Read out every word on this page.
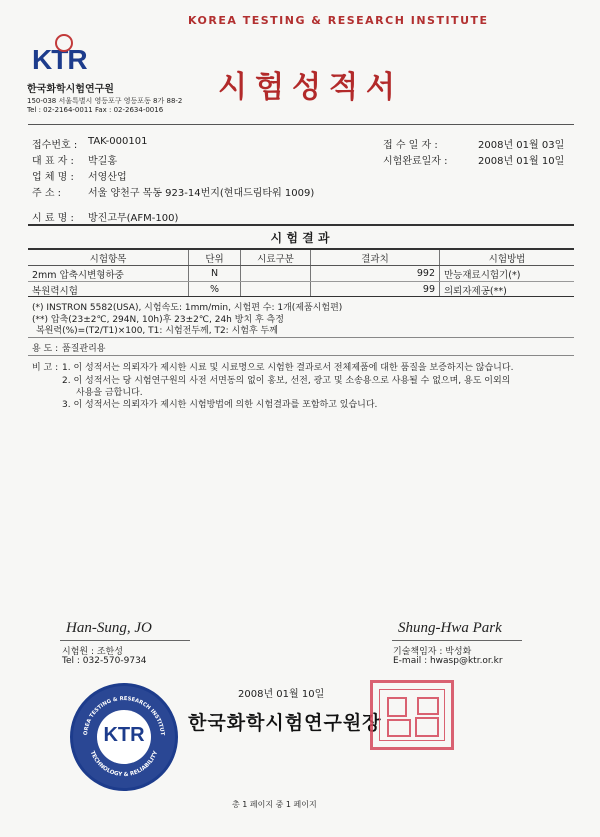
KOREA TESTING & RESEARCH INSTITUTE
시험성적서
KTR
한국화학시험연구원
150-038 서울특별시 영등포구 영등포동 8가 88-2
Tel : 02-2164-0011 Fax : 02-2634-0016
접수번호 : TAK-000101
대 표 자 : 박길홍
업 체 명 : 서영산업
주 소 :	서울 양천구 목동 923-14번지(현대드림타워 1009)
접 수 일 자 :	2008년 01월 03일
시험완료일자 :	2008년 01월 10일
시 료 명 : 방진고무(AFM-100)
시 험 결 과
시험항목	단위	시료구분	결과치	시험방법
2mm 압축시변형하중	N		992	만능재료시험기(*)
복원력시험	%		99	의뢰자제공(**)
(*) INSTRON 5582(USA), 시험속도: 1mm/min, 시험편 수: 1개(제품시험편)
(**) 압축(23±2℃, 294N, 10h)후 23±2℃, 24h 방치 후 측정
복원력(%)=(T2/T1)×100, T1: 시험전두께, T2: 시험후 두께
용 도 : 품질관리용
비 고 : 1. 이 성적서는 의뢰자가 제시한 시료 및 시료명으로 시험한 결과로서 전체제품에 대한 품질을 보증하지는 않습니다.
2. 이 성적서는 당 시험연구원의 사전 서면동의 없이 홍보, 선전, 광고 및 소송용으로 사용될 수 없으며, 용도 이외의
사용을 금합니다.
3. 이 성적서는 의뢰자가 제시한 시험방법에 의한 시험결과를 포함하고 있습니다.
Han-Sung, JO
시험원 : 조한성
Tel : 032-570-9734
Shung-Hwa Park
기술책임자 : 박성화
E-mail : hwasp@ktr.or.kr
OREA TESTING & RESEARCH INSTITUT
TECHNOLOGY & RELIABILITY
KTR
2008년 01월 10일
한국화학시험연구원장
총 1 페이지 중 1 페이지
